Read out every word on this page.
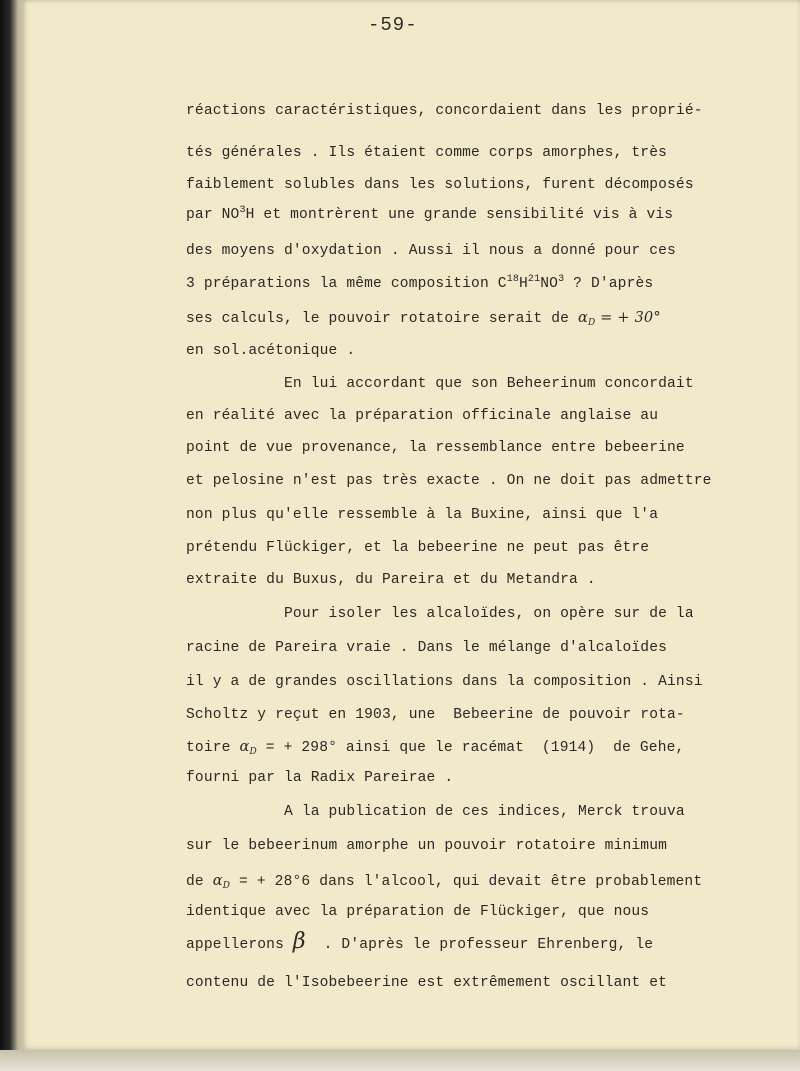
-59-
réactions caractéristiques, concordaient dans les proprié-
tés générales . Ils étaient comme corps amorphes, très
faiblement solubles dans les solutions, furent décomposés
par $NO^3H$ et montrèrent une grande sensibilité vis à vis
des moyens d'oxydation . Aussi il nous a donné pour ces
3 préparations la même composition $C^{18}H^{21}NO^3$ ? D'après
ses calculs, le pouvoir rotatoire serait de $\alpha_D$ = + 30°
en sol.acétonique .
En lui accordant que son Beheerinum concordait
en réalité avec la préparation officinale anglaise au
point de vue provenance, la ressemblance entre bebeerine
et pelosine n'est pas très exacte . On ne doit pas admettre
non plus qu'elle ressemble à la Buxine, ainsi que l'a
prétendu Flückiger, et la bebeerine ne peut pas être
extraite du Buxus, du Pareira et du Metandra .
Pour isoler les alcaloïdes, on opère sur de la
racine de Pareira vraie . Dans le mélange d'alcaloïdes
il y a de grandes oscillations dans la composition . Ainsi
Scholtz y reçut en 1903, une  Bebeerine de pouvoir rota-
toire $\alpha_D$ = + 298° ainsi que le racémat  (1914)  de Gehe,
fourni par la Radix Pareirae .
A la publication de ces indices, Merck trouva
sur le bebeerinum amorphe un pouvoir rotatoire minimum
de $\alpha_D$ = + 28°6 dans l'alcool, qui devait être probablement
identique avec la préparation de Flückiger, que nous
appellerons β  . D'après le professeur Ehrenberg, le
contenu de l'Isobebeerine est extrêmement oscillant et
